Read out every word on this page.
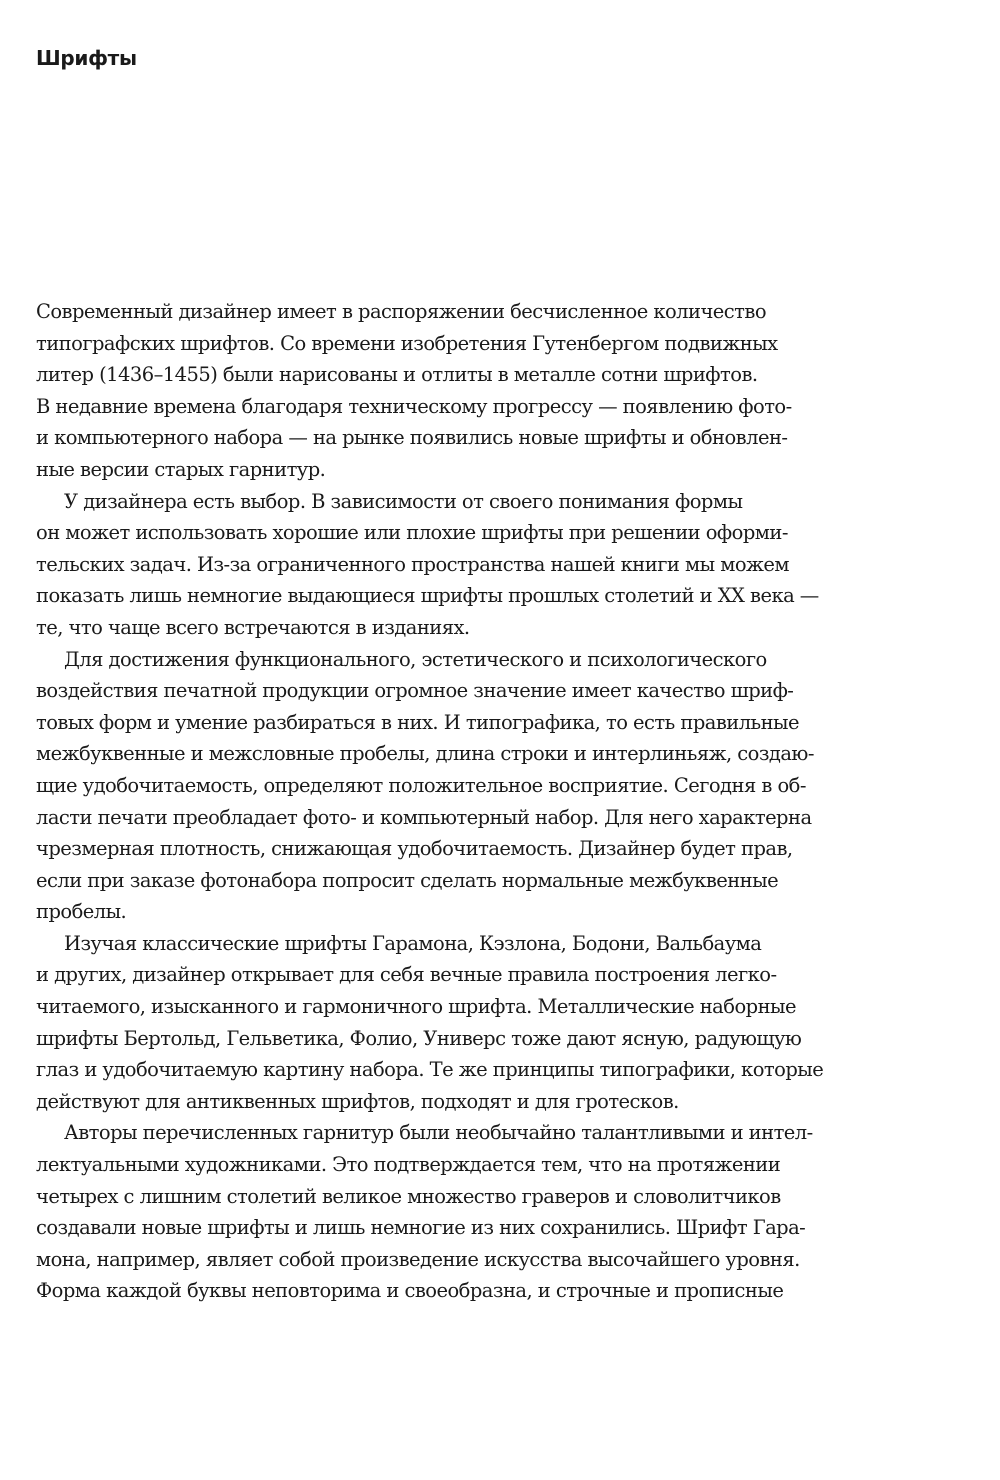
Шрифты

Современный дизайнер имеет в распоряжении бесчисленное количество
типографских шрифтов. Со времени изобретения Гутенбергом подвижных
литер (1436–1455) были нарисованы и отлиты в металле сотни шрифтов.
В недавние времена благодаря техническому прогрессу — появлению фото-
и компьютерного набора — на рынке появились новые шрифты и обновлен-
ные версии старых гарнитур.

У дизайнера есть выбор. В зависимости от своего понимания формы
он может использовать хорошие или плохие шрифты при решении оформи-
тельских задач. Из-за ограниченного пространства нашей книги мы можем
показать лишь немногие выдающиеся шрифты прошлых столетий и XX века —
те, что чаще всего встречаются в изданиях.

Для достижения функционального, эстетического и психологического
воздействия печатной продукции огромное значение имеет качество шриф-
товых форм и умение разбираться в них. И типографика, то есть правильные
межбуквенные и межсловные пробелы, длина строки и интерлиньяж, создаю-
щие удобочитаемость, определяют положительное восприятие. Сегодня в об-
ласти печати преобладает фото- и компьютерный набор. Для него характерна
чрезмерная плотность, снижающая удобочитаемость. Дизайнер будет прав,
если при заказе фотонабора попросит сделать нормальные межбуквенные
пробелы.

Изучая классические шрифты Гарамона, Кэзлона, Бодони, Вальбаума
и других, дизайнер открывает для себя вечные правила построения легко-
читаемого, изысканного и гармоничного шрифта. Металлические наборные
шрифты Бертольд, Гельветика, Фолио, Универс тоже дают ясную, радующую
глаз и удобочитаемую картину набора. Те же принципы типографики, которые
действуют для антиквенных шрифтов, подходят и для гротесков.

Авторы перечисленных гарнитур были необычайно талантливыми и интел-
лектуальными художниками. Это подтверждается тем, что на протяжении
четырех с лишним столетий великое множество граверов и словолитчиков
создавали новые шрифты и лишь немногие из них сохранились. Шрифт Гара-
мона, например, являет собой произведение искусства высочайшего уровня.
Форма каждой буквы неповторима и своеобразна, и строчные и прописные
